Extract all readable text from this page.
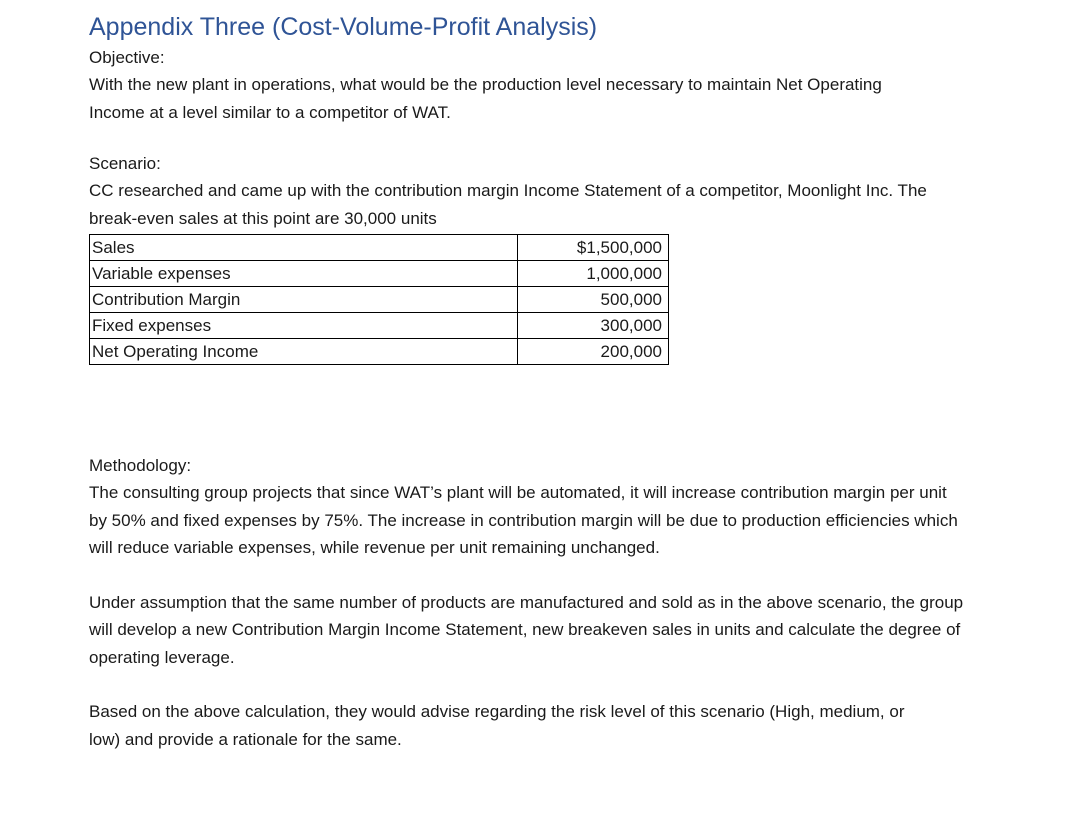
Appendix Three (Cost-Volume-Profit Analysis)

Objective:

With the new plant in operations, what would be the production level necessary to maintain Net Operating Income at a level similar to a competitor of WAT.

Scenario:

CC researched and came up with the contribution margin Income Statement of a competitor, Moonlight Inc. The break-even sales at this point are 30,000 units

Sales	$1,500,000
Variable expenses	1,000,000
Contribution Margin	500,000
Fixed expenses	300,000
Net Operating Income	200,000

Methodology:

The consulting group projects that since WAT’s plant will be automated, it will increase contribution margin per unit by 50% and fixed expenses by 75%. The increase in contribution margin will be due to production efficiencies which will reduce variable expenses, while revenue per unit remaining unchanged.

Under assumption that the same number of products are manufactured and sold as in the above scenario, the group will develop a new Contribution Margin Income Statement, new breakeven sales in units and calculate the degree of operating leverage.

Based on the above calculation, they would advise regarding the risk level of this scenario (High, medium, or low) and provide a rationale for the same.
